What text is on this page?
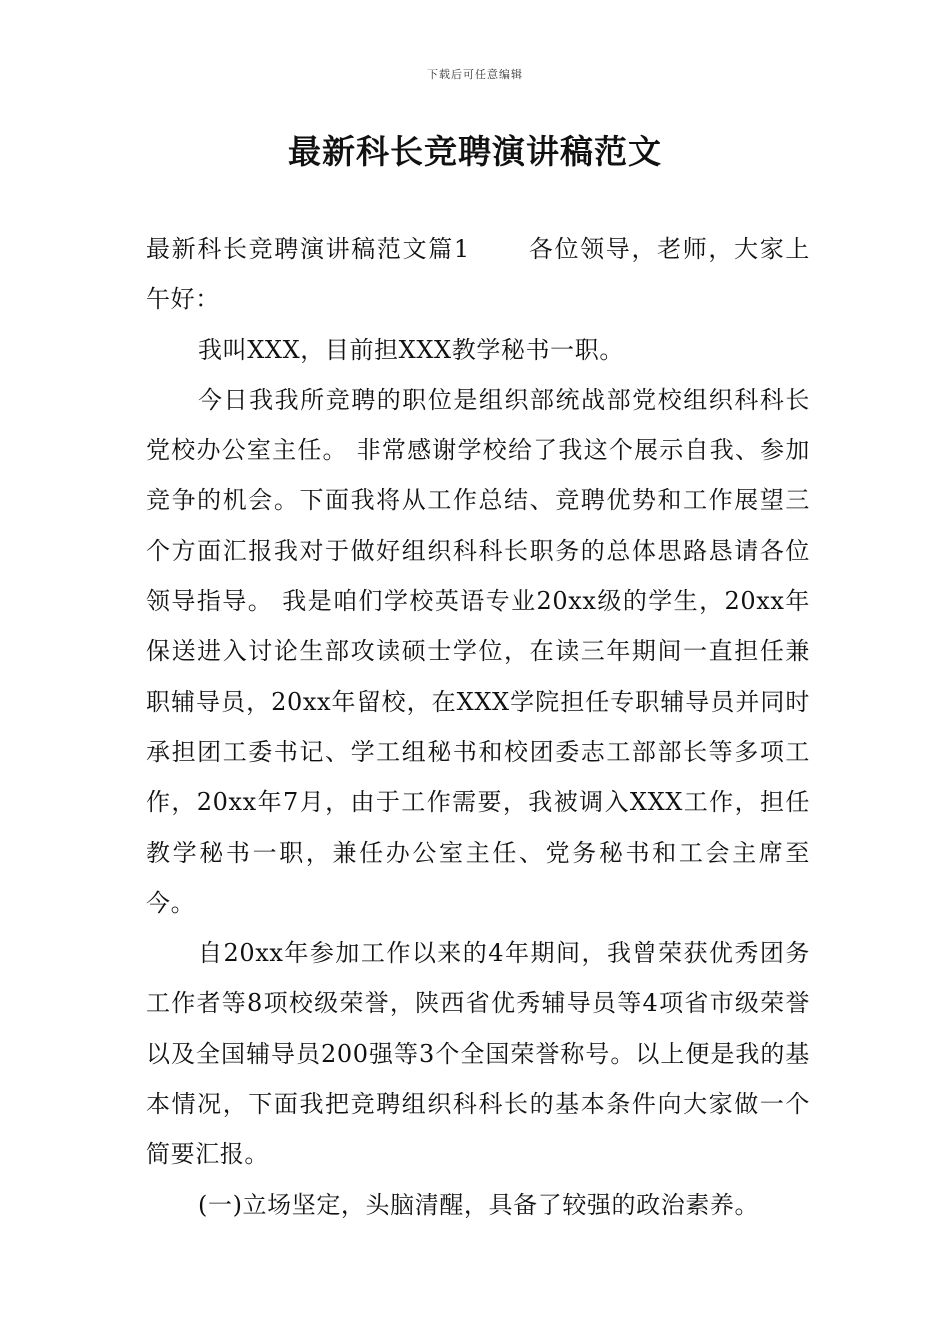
下载后可任意编辑
最新科长竞聘演讲稿范文

最新科长竞聘演讲稿范文篇1 各位领导，老师，大家上午好：

我叫XXX，目前担XXX教学秘书一职。

今日我我所竞聘的职位是组织部统战部党校组织科科长党校办公室主任。 非常感谢学校给了我这个展示自我、参加竞争的机会。下面我将从工作总结、竞聘优势和工作展望三个方面汇报我对于做好组织科科长职务的总体思路恳请各位领导指导。 我是咱们学校英语专业20xx级的学生，20xx年保送进入讨论生部攻读硕士学位，在读三年期间一直担任兼职辅导员，20xx年留校，在XXX学院担任专职辅导员并同时承担团工委书记、学工组秘书和校团委志工部部长等多项工作，20xx年7月，由于工作需要，我被调入XXX工作，担任教学秘书一职，兼任办公室主任、党务秘书和工会主席至今。

自20xx年参加工作以来的4年期间，我曾荣获优秀团务工作者等8项校级荣誉，陕西省优秀辅导员等4项省市级荣誉以及全国辅导员200强等3个全国荣誉称号。以上便是我的基本情况，下面我把竞聘组织科科长的基本条件向大家做一个简要汇报。

(一)立场坚定，头脑清醒，具备了较强的政治素养。
